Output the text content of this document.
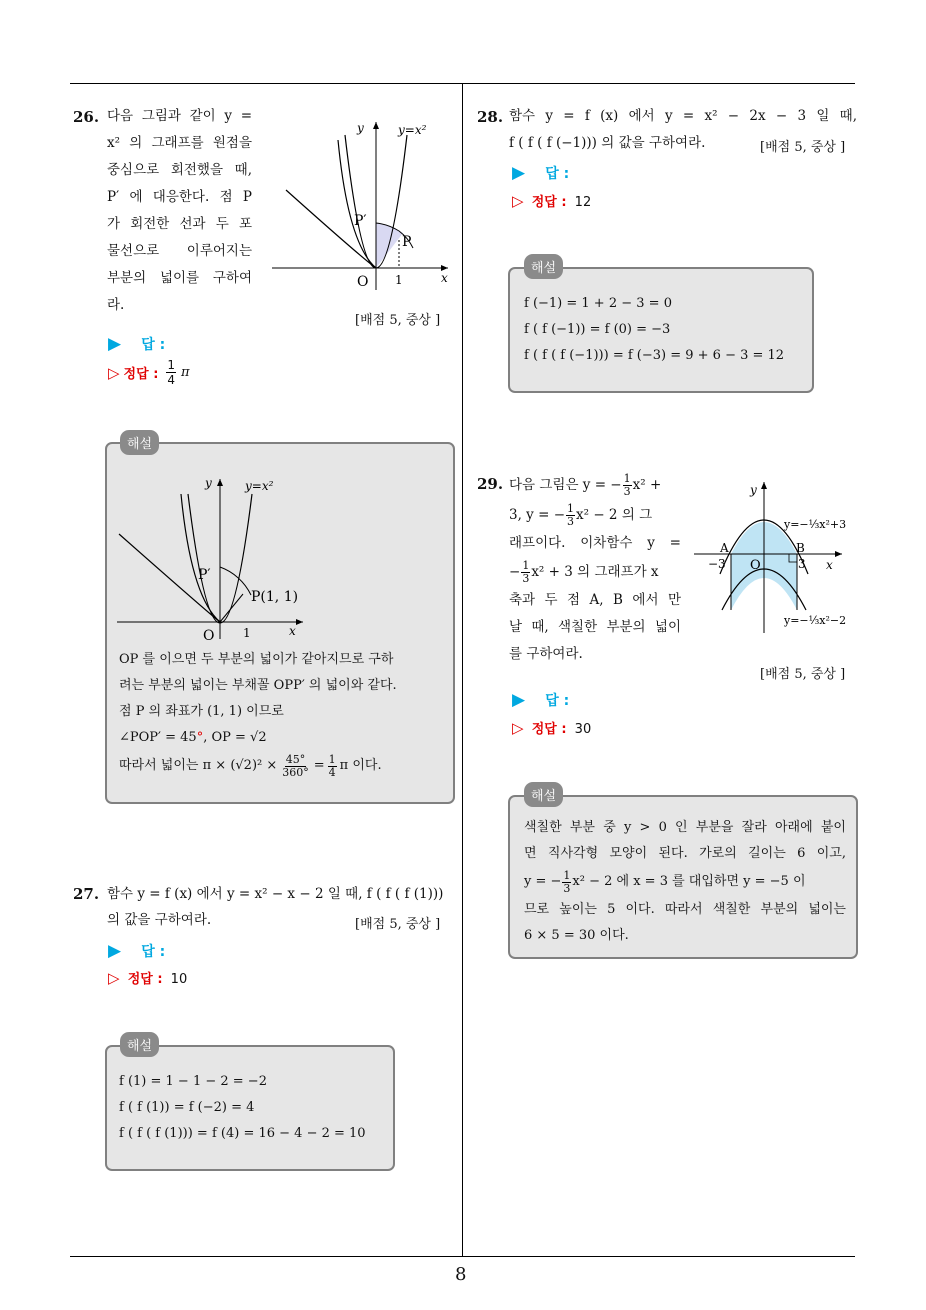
8
26. 다음 그림과 같이 y =
x² 의 그래프를 원점을
중심으로 회전했을 때,
P′ 에 대응한다. 점 P
가 회전한 선과 두 포
물선으로 이루어지는
부분의 넓이를 구하여
라.
y	y=x²
P′
P
O 1	x
[배점 5, 중상 ]
▶ 답 :
▷ 정답 : $\frac{1}{4}$ π
y	y=x²
P′
P(1, 1)
O 1	x
OP 를 이으면 두 부분의 넓이가 같아지므로 구하
려는 부분의 넓이는 부채꼴 OPP′ 의 넓이와 같다.
점 P 의 좌표가 (1, 1) 이므로
∠POP′ = 45°, OP = √2
따라서 넓이는 $\pi \times (√2)^2 \times \frac{45^\circ}{360^\circ} = \frac{1}{4}$ π 이다.
해설
27. 함수 y = f (x) 에서 y = x² − x − 2 일 때, f ( f ( f (1)))
의 값을 구하여라.	[배점 5, 중상 ]
▶ 답 :
▷ 정답 : 10
f (1) = 1 − 1 − 2 = −2
f ( f (1)) = f (−2) = 4
f ( f ( f (1))) = f (4) = 16 − 4 − 2 = 10
해설
28. 함수 y = f (x) 에서 y = x² − 2x − 3 일 때,
f ( f ( f (−1))) 의 값을 구하여라.	[배점 5, 중상 ]
▶ 답 :
▷ 정답 : 12
f (−1) = 1 + 2 − 3 = 0
f ( f (−1)) = f (0) = −3
f ( f ( f (−1))) = f (−3) = 9 + 6 − 3 = 12
해설
29. 다음 그림은 y = − $\frac{1}{3} x^2$ +
3, y = − $\frac{1}{3} x^2 - 2$ 의 그
래프이다. 이차함수 y =
− $\frac{1}{3} x^2 + 3$ 의 그래프가 x
축과 두 점 A, B 에서 만
날 때, 색칠한 부분의 넓이
를 구하여라.
y
y=−⅓x²+3
A	B
−3 O	3 x
y=−⅓x²−2
[배점 5, 중상 ]
▶ 답 :
▷ 정답 : 30
색칠한 부분 중 y > 0 인 부분을 잘라 아래에 붙이
면 직사각형 모양이 된다. 가로의 길이는 6 이고,
y = − $\frac{1}{3} x^2 - 2$ 에 x = 3 를 대입하면 y = −5 이
므로 높이는 5 이다. 따라서 색칠한 부분의 넓이는
6 × 5 = 30 이다.
해설
